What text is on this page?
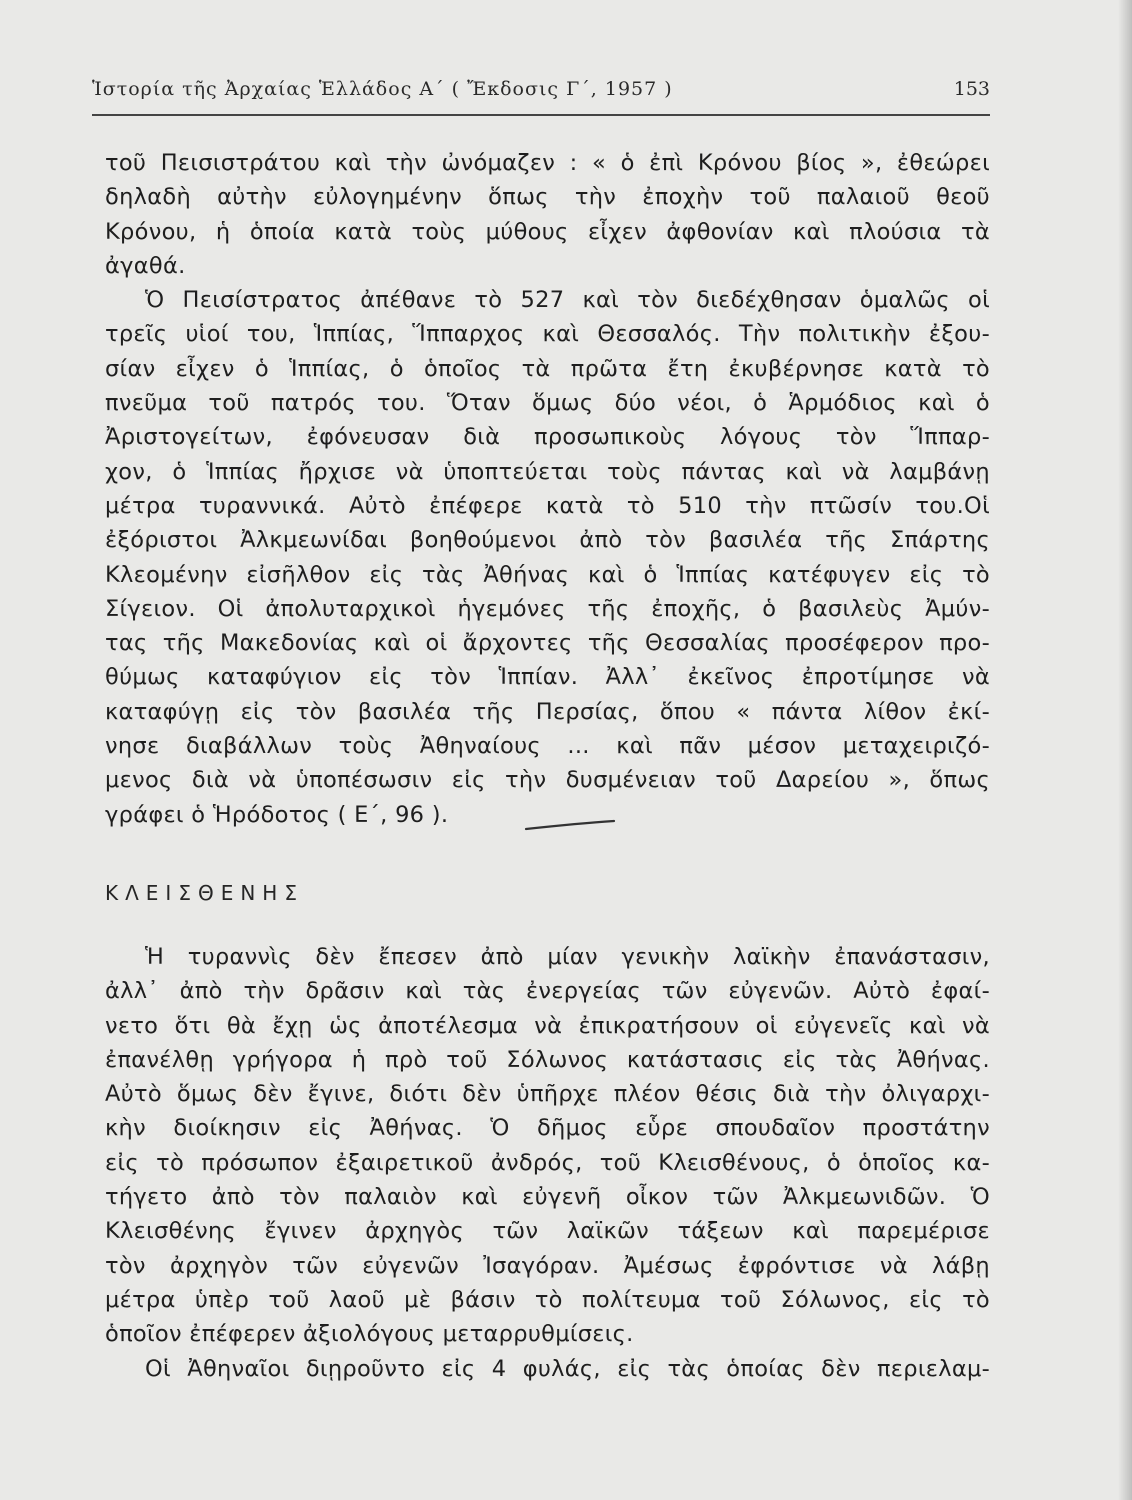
Ἱστορία τῆς Ἀρχαίας Ἑλλάδος Α΄ ( Ἔκδοσις Γ΄, 1957 )	153
τοῦ Πεισιστράτου καὶ τὴν ὠνόμαζεν : « ὁ ἐπὶ Κρόνου βίος », ἐθεώρει
δηλαδὴ αὐτὴν εὐλογημένην ὅπως τὴν ἐποχὴν τοῦ παλαιοῦ θεοῦ
Κρόνου, ἡ ὁποία κατὰ τοὺς μύθους εἶχεν ἀφθονίαν καὶ πλούσια τὰ
ἀγαθά.
Ὁ Πεισίστρατος ἀπέθανε τὸ 527 καὶ τὸν διεδέχθησαν ὁμαλῶς οἱ
τρεῖς υἱοί του, Ἱππίας, Ἵππαρχος καὶ Θεσσαλός. Τὴν πολιτικὴν ἐξου-
σίαν εἶχεν ὁ Ἱππίας, ὁ ὁποῖος τὰ πρῶτα ἔτη ἐκυβέρνησε κατὰ τὸ
πνεῦμα τοῦ πατρός του. Ὅταν ὅμως δύο νέοι, ὁ Ἁρμόδιος καὶ ὁ
Ἀριστογείτων, ἐφόνευσαν διὰ προσωπικοὺς λόγους τὸν Ἵππαρ-
χον, ὁ Ἱππίας ἤρχισε νὰ ὑποπτεύεται τοὺς πάντας καὶ νὰ λαμβάνῃ
μέτρα τυραννικά. Αὐτὸ ἐπέφερε κατὰ τὸ 510 τὴν πτῶσίν του.Οἱ
ἐξόριστοι Ἀλκμεωνίδαι βοηθούμενοι ἀπὸ τὸν βασιλέα τῆς Σπάρτης
Κλεομένην εἰσῆλθον εἰς τὰς Ἀθήνας καὶ ὁ Ἱππίας κατέφυγεν εἰς τὸ
Σίγειον. Οἱ ἀπολυταρχικοὶ ἡγεμόνες τῆς ἐποχῆς, ὁ βασιλεὺς Ἀμύν-
τας τῆς Μακεδονίας καὶ οἱ ἄρχοντες τῆς Θεσσαλίας προσέφερον προ-
θύμως καταφύγιον εἰς τὸν Ἱππίαν. Ἀλλ᾽ ἐκεῖνος ἐπροτίμησε νὰ
καταφύγῃ εἰς τὸν βασιλέα τῆς Περσίας, ὅπου « πάντα λίθον ἐκί-
νησε διαβάλλων τοὺς Ἀθηναίους ... καὶ πᾶν μέσον μεταχειριζό-
μενος διὰ νὰ ὑποπέσωσιν εἰς τὴν δυσμένειαν τοῦ Δαρείου », ὅπως
γράφει ὁ Ἡρόδοτος ( Ε΄, 96 ).
ΚΛΕΙΣΘΕΝΗΣ
Ἡ τυραννὶς δὲν ἔπεσεν ἀπὸ μίαν γενικὴν λαϊκὴν ἐπανάστασιν,
ἀλλ᾽ ἀπὸ τὴν δρᾶσιν καὶ τὰς ἐνεργείας τῶν εὐγενῶν. Αὐτὸ ἐφαί-
νετο ὅτι θὰ ἔχῃ ὡς ἀποτέλεσμα νὰ ἐπικρατήσουν οἱ εὐγενεῖς καὶ νὰ
ἐπανέλθῃ γρήγορα ἡ πρὸ τοῦ Σόλωνος κατάστασις εἰς τὰς Ἀθήνας.
Αὐτὸ ὅμως δὲν ἔγινε, διότι δὲν ὑπῆρχε πλέον θέσις διὰ τὴν ὀλιγαρχι-
κὴν διοίκησιν εἰς Ἀθήνας. Ὁ δῆμος εὗρε σπουδαῖον προστάτην
εἰς τὸ πρόσωπον ἐξαιρετικοῦ ἀνδρός, τοῦ Κλεισθένους, ὁ ὁποῖος κα-
τήγετο ἀπὸ τὸν παλαιὸν καὶ εὐγενῆ οἶκον τῶν Ἀλκμεωνιδῶν. Ὁ
Κλεισθένης ἔγινεν ἀρχηγὸς τῶν λαϊκῶν τάξεων καὶ παρεμέρισε
τὸν ἀρχηγὸν τῶν εὐγενῶν Ἰσαγόραν. Ἀμέσως ἐφρόντισε νὰ λάβῃ
μέτρα ὑπὲρ τοῦ λαοῦ μὲ βάσιν τὸ πολίτευμα τοῦ Σόλωνος, εἰς τὸ
ὁποῖον ἐπέφερεν ἀξιολόγους μεταρρυθμίσεις.
Οἱ Ἀθηναῖοι διῃροῦντο εἰς 4 φυλάς, εἰς τὰς ὁποίας δὲν περιελαμ-
